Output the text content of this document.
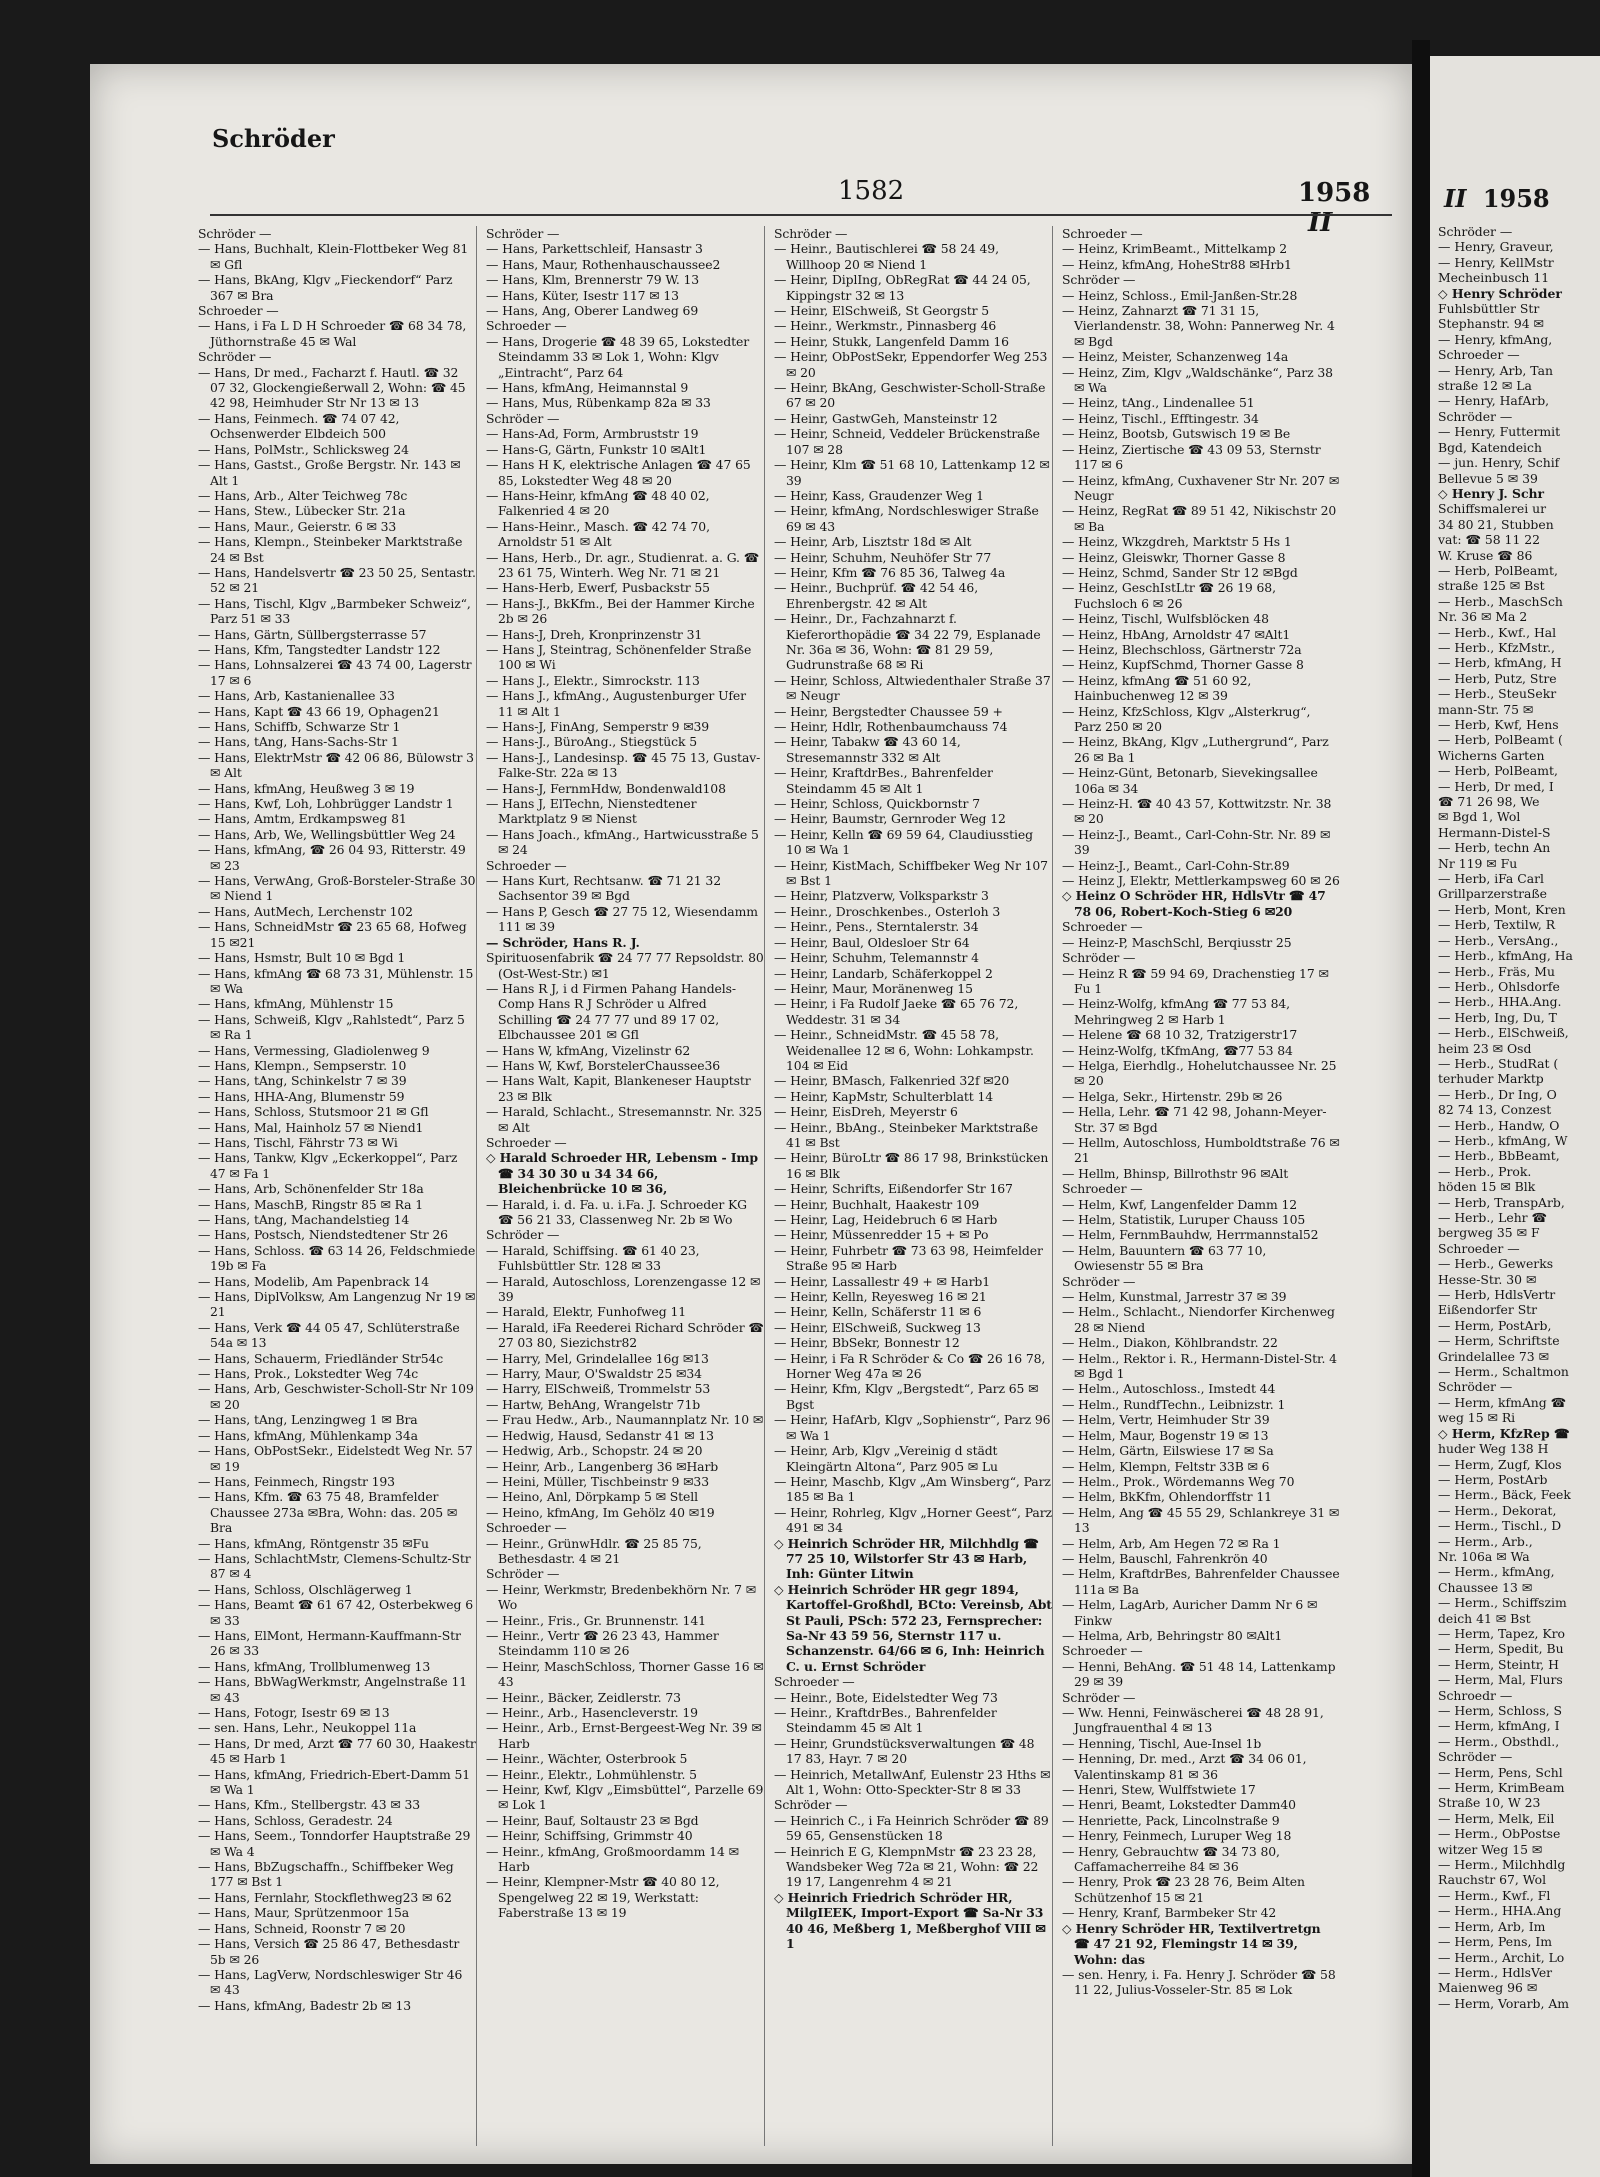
Schröder
1582	1958 II

Schröder —

— Hans, Buchhalt, Klein-Flottbeker Weg 81 ✉ Gfl

— Hans, BkAng, Klgv „Fieckendorf“ Parz 367 ✉ Bra

Schroeder —

— Hans, i Fa L D H Schroeder ☎ 68 34 78, Jüthornstraße 45 ✉ Wal

Schröder —

— Hans, Dr med., Facharzt f. Hautl. ☎ 32 07 32, Glockengießerwall 2, Wohn: ☎ 45 42 98, Heimhuder Str Nr 13 ✉ 13

— Hans, Feinmech. ☎ 74 07 42, Ochsenwerder Elbdeich 500

— Hans, PolMstr., Schlicksweg 24

— Hans, Gastst., Große Bergstr. Nr. 143 ✉ Alt 1

— Hans, Arb., Alter Teichweg 78c

— Hans, Stew., Lübecker Str. 21a

— Hans, Maur., Geierstr. 6 ✉ 33

— Hans, Klempn., Steinbeker Marktstraße 24 ✉ Bst

— Hans, Handelsvertr ☎ 23 50 25, Sentastr. 52 ✉ 21

— Hans, Tischl, Klgv „Barmbeker Schweiz“, Parz 51 ✉ 33

— Hans, Gärtn, Süllbergsterrasse 57

— Hans, Kfm, Tangstedter Landstr 122

— Hans, Lohnsalzerei ☎ 43 74 00, Lagerstr 17 ✉ 6

— Hans, Arb, Kastanienallee 33

— Hans, Kapt ☎ 43 66 19, Ophagen21

— Hans, Schiffb, Schwarze Str 1

— Hans, tAng, Hans-Sachs-Str 1

— Hans, ElektrMstr ☎ 42 06 86, Bülowstr 3 ✉ Alt

— Hans, kfmAng, Heußweg 3 ✉ 19

— Hans, Kwf, Loh, Lohbrügger Landstr 1

— Hans, Amtm, Erdkampsweg 81

— Hans, Arb, We, Wellingsbüttler Weg 24

— Hans, kfmAng, ☎ 26 04 93, Ritterstr. 49 ✉ 23

— Hans, VerwAng, Groß-Borsteler-Straße 30 ✉ Niend 1

— Hans, AutMech, Lerchenstr 102

— Hans, SchneidMstr ☎ 23 65 68, Hofweg 15 ✉21

— Hans, Hsmstr, Bult 10 ✉ Bgd 1

— Hans, kfmAng ☎ 68 73 31, Mühlenstr. 15 ✉ Wa

— Hans, kfmAng, Mühlenstr 15

— Hans, Schweiß, Klgv „Rahlstedt“, Parz 5 ✉ Ra 1

— Hans, Vermessing, Gladiolenweg 9

— Hans, Klempn., Sempserstr. 10

— Hans, tAng, Schinkelstr 7 ✉ 39

— Hans, HHA-Ang, Blumenstr 59

— Hans, Schloss, Stutsmoor 21 ✉ Gfl

— Hans, Mal, Hainholz 57 ✉ Niend1

— Hans, Tischl, Fährstr 73 ✉ Wi

— Hans, Tankw, Klgv „Eckerkoppel“, Parz 47 ✉ Fa 1

— Hans, Arb, Schönenfelder Str 18a

— Hans, MaschB, Ringstr 85 ✉ Ra 1

— Hans, tAng, Machandelstieg 14

— Hans, Postsch, Niendstedtener Str 26

— Hans, Schloss. ☎ 63 14 26, Feldschmiede 19b ✉ Fa

— Hans, Modelib, Am Papenbrack 14

— Hans, DiplVolksw, Am Langenzug Nr 19 ✉ 21

— Hans, Verk ☎ 44 05 47, Schlüterstraße 54a ✉ 13

— Hans, Schauerm, Friedländer Str54c

— Hans, Prok., Lokstedter Weg 74c

— Hans, Arb, Geschwister-Scholl-Str Nr 109 ✉ 20

— Hans, tAng, Lenzingweg 1 ✉ Bra

— Hans, kfmAng, Mühlenkamp 34a

— Hans, ObPostSekr., Eidelstedt Weg Nr. 57 ✉ 19

— Hans, Feinmech, Ringstr 193

— Hans, Kfm. ☎ 63 75 48, Bramfelder Chaussee 273a ✉Bra, Wohn: das. 205 ✉ Bra

— Hans, kfmAng, Röntgenstr 35 ✉Fu

— Hans, SchlachtMstr, Clemens-Schultz-Str 87 ✉ 4

— Hans, Schloss, Olschlägerweg 1

— Hans, Beamt ☎ 61 67 42, Osterbekweg 6 ✉ 33

— Hans, ElMont, Hermann-Kauffmann-Str 26 ✉ 33

— Hans, kfmAng, Trollblumenweg 13

— Hans, BbWagWerkmstr, Angelnstraße 11 ✉ 43

— Hans, Fotogr, Isestr 69 ✉ 13

— sen. Hans, Lehr., Neukoppel 11a

— Hans, Dr med, Arzt ☎ 77 60 30, Haakestr 45 ✉ Harb 1

— Hans, kfmAng, Friedrich-Ebert-Damm 51 ✉ Wa 1

— Hans, Kfm., Stellbergstr. 43 ✉ 33

— Hans, Schloss, Geradestr. 24

— Hans, Seem., Tonndorfer Hauptstraße 29 ✉ Wa 4

— Hans, BbZugschaffn., Schiffbeker Weg 177 ✉ Bst 1

— Hans, Fernlahr, Stockflethweg23 ✉ 62

— Hans, Maur, Sprützenmoor 15a

— Hans, Schneid, Roonstr 7 ✉ 20

— Hans, Versich ☎ 25 86 47, Bethesdastr 5b ✉ 26

— Hans, LagVerw, Nordschleswiger Str 46 ✉ 43

— Hans, kfmAng, Badestr 2b ✉ 13

Schröder —

— Hans, Parkettschleif, Hansastr 3

— Hans, Maur, Rothenhauschaussee2

— Hans, Klm, Brennerstr 79 W. 13

— Hans, Küter, Isestr 117 ✉ 13

— Hans, Ang, Oberer Landweg 69

Schroeder —

— Hans, Drogerie ☎ 48 39 65, Lokstedter Steindamm 33 ✉ Lok 1, Wohn: Klgv „Eintracht“, Parz 64

— Hans, kfmAng, Heimannstal 9

— Hans, Mus, Rübenkamp 82a ✉ 33

Schröder —

— Hans-Ad, Form, Armbruststr 19

— Hans-G, Gärtn, Funkstr 10 ✉Alt1

— Hans H K, elektrische Anlagen ☎ 47 65 85, Lokstedter Weg 48 ✉ 20

— Hans-Heinr, kfmAng ☎ 48 40 02, Falkenried 4 ✉ 20

— Hans-Heinr., Masch. ☎ 42 74 70, Arnoldstr 51 ✉ Alt

— Hans, Herb., Dr. agr., Studienrat. a. G. ☎ 23 61 75, Winterh. Weg Nr. 71 ✉ 21

— Hans-Herb, Ewerf, Pusbackstr 55

— Hans-J., BkKfm., Bei der Hammer Kirche 2b ✉ 26

— Hans-J, Dreh, Kronprinzenstr 31

— Hans J, Steintrag, Schönenfelder Straße 100 ✉ Wi

— Hans J., Elektr., Simrockstr. 113

— Hans J., kfmAng., Augustenburger Ufer 11 ✉ Alt 1

— Hans-J, FinAng, Semperstr 9 ✉39

— Hans-J., BüroAng., Stiegstück 5

— Hans-J., Landesinsp. ☎ 45 75 13, Gustav-Falke-Str. 22a ✉ 13

— Hans-J, FernmHdw, Bondenwald108

— Hans J, ElTechn, Nienstedtener Marktplatz 9 ✉ Nienst

— Hans Joach., kfmAng., Hartwicusstraße 5 ✉ 24

Schroeder —

— Hans Kurt, Rechtsanw. ☎ 71 21 32 Sachsentor 39 ✉ Bgd

— Hans P, Gesch ☎ 27 75 12, Wiesendamm 111 ✉ 39

— Schröder, Hans R. J.

Spirituosenfabrik ☎ 24 77 77 Repsoldstr. 80 (Ost-West-Str.) ✉1

— Hans R J, i d Firmen Pahang Handels-Comp Hans R J Schröder u Alfred Schilling ☎ 24 77 77 und 89 17 02, Elbchaussee 201 ✉ Gfl

— Hans W, kfmAng, Vizelinstr 62

— Hans W, Kwf, BorstelerChaussee36

— Hans Walt, Kapit, Blankeneser Hauptstr 23 ✉ Blk

— Harald, Schlacht., Stresemannstr. Nr. 325 ✉ Alt

Schroeder —

◇ Harald Schroeder HR, Lebensm - Imp ☎ 34 30 30 u 34 34 66, Bleichenbrücke 10 ✉ 36,

— Harald, i. d. Fa. u. i.Fa. J. Schroeder KG ☎ 56 21 33, Classenweg Nr. 2b ✉ Wo

Schröder —

— Harald, Schiffsing. ☎ 61 40 23, Fuhlsbüttler Str. 128 ✉ 33

— Harald, Autoschloss, Lorenzengasse 12 ✉ 39

— Harald, Elektr, Funhofweg 11

— Harald, iFa Reederei Richard Schröder ☎ 27 03 80, Siezichstr82

— Harry, Mel, Grindelallee 16g ✉13

— Harry, Maur, O'Swaldstr 25 ✉34

— Harry, ElSchweiß, Trommelstr 53

— Hartw, BehAng, Wrangelstr 71b

— Frau Hedw., Arb., Naumannplatz Nr. 10 ✉

— Hedwig, Hausd, Sedanstr 41 ✉ 13

— Hedwig, Arb., Schopstr. 24 ✉ 20

— Heinr, Arb., Langenberg 36 ✉Harb

— Heini, Müller, Tischbeinstr 9 ✉33

— Heino, Anl, Dörpkamp 5 ✉ Stell

— Heino, kfmAng, Im Gehölz 40 ✉19

Schroeder —

— Heinr., GrünwHdlr. ☎ 25 85 75, Bethesdastr. 4 ✉ 21

Schröder —

— Heinr, Werkmstr, Bredenbekhörn Nr. 7 ✉ Wo

— Heinr., Fris., Gr. Brunnenstr. 141

— Heinr., Vertr ☎ 26 23 43, Hammer Steindamm 110 ✉ 26

— Heinr, MaschSchloss, Thorner Gasse 16 ✉ 43

— Heinr., Bäcker, Zeidlerstr. 73

— Heinr., Arb., Hasencleverstr. 19

— Heinr., Arb., Ernst-Bergeest-Weg Nr. 39 ✉ Harb

— Heinr., Wächter, Osterbrook 5

— Heinr., Elektr., Lohmühlenstr. 5

— Heinr, Kwf, Klgv „Eimsbüttel“, Parzelle 69 ✉ Lok 1

— Heinr, Bauf, Soltaustr 23 ✉ Bgd

— Heinr, Schiffsing, Grimmstr 40

— Heinr., kfmAng, Großmoordamm 14 ✉ Harb

— Heinr, Klempner-Mstr ☎ 40 80 12, Spengelweg 22 ✉ 19, Werkstatt: Faberstraße 13 ✉ 19

Schröder —

— Heinr., Bautischlerei ☎ 58 24 49, Willhoop 20 ✉ Niend 1

— Heinr, DiplIng, ObRegRat ☎ 44 24 05, Kippingstr 32 ✉ 13

— Heinr, ElSchweiß, St Georgstr 5

— Heinr., Werkmstr., Pinnasberg 46

— Heinr, Stukk, Langenfeld Damm 16

— Heinr, ObPostSekr, Eppendorfer Weg 253 ✉ 20

— Heinr, BkAng, Geschwister-Scholl-Straße 67 ✉ 20

— Heinr, GastwGeh, Mansteinstr 12

— Heinr, Schneid, Veddeler Brückenstraße 107 ✉ 28

— Heinr, Klm ☎ 51 68 10, Lattenkamp 12 ✉ 39

— Heinr, Kass, Graudenzer Weg 1

— Heinr, kfmAng, Nordschleswiger Straße 69 ✉ 43

— Heinr, Arb, Lisztstr 18d ✉ Alt

— Heinr, Schuhm, Neuhöfer Str 77

— Heinr, Kfm ☎ 76 85 36, Talweg 4a

— Heinr., Buchprüf. ☎ 42 54 46, Ehrenbergstr. 42 ✉ Alt

— Heinr., Dr., Fachzahnarzt f. Kieferorthopädie ☎ 34 22 79, Esplanade Nr. 36a ✉ 36, Wohn: ☎ 81 29 59, Gudrunstraße 68 ✉ Ri

— Heinr, Schloss, Altwiedenthaler Straße 37 ✉ Neugr

— Heinr, Bergstedter Chaussee 59 +

— Heinr, Hdlr, Rothenbaumchauss 74

— Heinr, Tabakw ☎ 43 60 14, Stresemannstr 332 ✉ Alt

— Heinr, KraftdrBes., Bahrenfelder Steindamm 45 ✉ Alt 1

— Heinr, Schloss, Quickbornstr 7

— Heinr, Baumstr, Gernroder Weg 12

— Heinr, Kelln ☎ 69 59 64, Claudiusstieg 10 ✉ Wa 1

— Heinr, KistMach, Schiffbeker Weg Nr 107 ✉ Bst 1

— Heinr, Platzverw, Volksparkstr 3

— Heinr., Droschkenbes., Osterloh 3

— Heinr., Pens., Sterntalerstr. 34

— Heinr, Baul, Oldesloer Str 64

— Heinr, Schuhm, Telemannstr 4

— Heinr, Landarb, Schäferkoppel 2

— Heinr, Maur, Moränenweg 15

— Heinr, i Fa Rudolf Jaeke ☎ 65 76 72, Weddestr. 31 ✉ 34

— Heinr., SchneidMstr. ☎ 45 58 78, Weidenallee 12 ✉ 6, Wohn: Lohkampstr. 104 ✉ Eid

— Heinr, BMasch, Falkenried 32f ✉20

— Heinr, KapMstr, Schulterblatt 14

— Heinr, EisDreh, Meyerstr 6

— Heinr., BbAng., Steinbeker Marktstraße 41 ✉ Bst

— Heinr, BüroLtr ☎ 86 17 98, Brinkstücken 16 ✉ Blk

— Heinr, Schrifts, Eißendorfer Str 167

— Heinr, Buchhalt, Haakestr 109

— Heinr, Lag, Heidebruch 6 ✉ Harb

— Heinr, Müssenredder 15 + ✉ Po

— Heinr, Fuhrbetr ☎ 73 63 98, Heimfelder Straße 95 ✉ Harb

— Heinr, Lassallestr 49 + ✉ Harb1

— Heinr, Kelln, Reyesweg 16 ✉ 21

— Heinr, Kelln, Schäferstr 11 ✉ 6

— Heinr, ElSchweiß, Suckweg 13

— Heinr, BbSekr, Bonnestr 12

— Heinr, i Fa R Schröder & Co ☎ 26 16 78, Horner Weg 47a ✉ 26

— Heinr, Kfm, Klgv „Bergstedt“, Parz 65 ✉ Bgst

— Heinr, HafArb, Klgv „Sophienstr“, Parz 96 ✉ Wa 1

— Heinr, Arb, Klgv „Vereinig d städt Kleingärtn Altona“, Parz 905 ✉ Lu

— Heinr, Maschb, Klgv „Am Winsberg“, Parz 185 ✉ Ba 1

— Heinr, Rohrleg, Klgv „Horner Geest“, Parz 491 ✉ 34

◇ Heinrich Schröder HR, Milchhdlg ☎ 77 25 10, Wilstorfer Str 43 ✉ Harb, Inh: Günter Litwin

◇ Heinrich Schröder HR gegr 1894, Kartoffel-Großhdl, BCto: Vereinsb, Abt St Pauli, PSch: 572 23, Fernsprecher: Sa-Nr 43 59 56, Sternstr 117 u. Schanzenstr. 64/66 ✉ 6, Inh: Heinrich C. u. Ernst Schröder

Schroeder —

— Heinr., Bote, Eidelstedter Weg 73

— Heinr., KraftdrBes., Bahrenfelder Steindamm 45 ✉ Alt 1

— Heinr, Grundstücksverwaltungen ☎ 48 17 83, Hayr. 7 ✉ 20

— Heinrich, MetallwAnf, Eulenstr 23 Hths ✉ Alt 1, Wohn: Otto-Speckter-Str 8 ✉ 33

Schröder —

— Heinrich C., i Fa Heinrich Schröder ☎ 89 59 65, Gensenstücken 18

— Heinrich E G, KlempnMstr ☎ 23 23 28, Wandsbeker Weg 72a ✉ 21, Wohn: ☎ 22 19 17, Langenrehm 4 ✉ 21

◇ Heinrich Friedrich Schröder HR, MilgIEEK, Import-Export ☎ Sa-Nr 33 40 46, Meßberg 1, Meßberghof VIII ✉ 1

Schroeder —

— Heinz, KrimBeamt., Mittelkamp 2

— Heinz, kfmAng, HoheStr88 ✉Hrb1

Schröder —

— Heinz, Schloss., Emil-Janßen-Str.28

— Heinz, Zahnarzt ☎ 71 31 15, Vierlandenstr. 38, Wohn: Pannerweg Nr. 4 ✉ Bgd

— Heinz, Meister, Schanzenweg 14a

— Heinz, Zim, Klgv „Waldschänke“, Parz 38 ✉ Wa

— Heinz, tAng., Lindenallee 51

— Heinz, Tischl., Efftingestr. 34

— Heinz, Bootsb, Gutswisch 19 ✉ Be

— Heinz, Ziertische ☎ 43 09 53, Sternstr 117 ✉ 6

— Heinz, kfmAng, Cuxhavener Str Nr. 207 ✉ Neugr

— Heinz, RegRat ☎ 89 51 42, Nikischstr 20 ✉ Ba

— Heinz, Wkzgdreh, Marktstr 5 Hs 1

— Heinz, Gleiswkr, Thorner Gasse 8

— Heinz, Schmd, Sander Str 12 ✉Bgd

— Heinz, GeschIstLtr ☎ 26 19 68, Fuchsloch 6 ✉ 26

— Heinz, Tischl, Wulfsblöcken 48

— Heinz, HbAng, Arnoldstr 47 ✉Alt1

— Heinz, Blechschloss, Gärtnerstr 72a

— Heinz, KupfSchmd, Thorner Gasse 8

— Heinz, kfmAng ☎ 51 60 92, Hainbuchenweg 12 ✉ 39

— Heinz, KfzSchloss, Klgv „Alsterkrug“, Parz 250 ✉ 20

— Heinz, BkAng, Klgv „Luthergrund“, Parz 26 ✉ Ba 1

— Heinz-Günt, Betonarb, Sievekingsallee 106a ✉ 34

— Heinz-H. ☎ 40 43 57, Kottwitzstr. Nr. 38 ✉ 20

— Heinz-J., Beamt., Carl-Cohn-Str. Nr. 89 ✉ 39

— Heinz-J., Beamt., Carl-Cohn-Str.89

— Heinz J, Elektr, Mettlerkampsweg 60 ✉ 26

◇ Heinz O Schröder HR, HdlsVtr ☎ 47 78 06, Robert-Koch-Stieg 6 ✉20

Schroeder —

— Heinz-P, MaschSchl, Berqiusstr 25

Schröder —

— Heinz R ☎ 59 94 69, Drachenstieg 17 ✉ Fu 1

— Heinz-Wolfg, kfmAng ☎ 77 53 84, Mehringweg 2 ✉ Harb 1

— Helene ☎ 68 10 32, Tratzigerstr17

— Heinz-Wolfg, tKfmAng, ☎77 53 84

— Helga, Eierhdlg., Hohelutchaussee Nr. 25 ✉ 20

— Helga, Sekr., Hirtenstr. 29b ✉ 26

— Hella, Lehr. ☎ 71 42 98, Johann-Meyer-Str. 37 ✉ Bgd

— Hellm, Autoschloss, Humboldtstraße 76 ✉ 21

— Hellm, Bhinsp, Billrothstr 96 ✉Alt

Schroeder —

— Helm, Kwf, Langenfelder Damm 12

— Helm, Statistik, Luruper Chauss 105

— Helm, FernmBauhdw, Herrmannstal52

— Helm, Bauuntern ☎ 63 77 10, Owiesenstr 55 ✉ Bra

Schröder —

— Helm, Kunstmal, Jarrestr 37 ✉ 39

— Helm., Schlacht., Niendorfer Kirchenweg 28 ✉ Niend

— Helm., Diakon, Köhlbrandstr. 22

— Helm., Rektor i. R., Hermann-Distel-Str. 4 ✉ Bgd 1

— Helm., Autoschloss., Imstedt 44

— Helm., RundfTechn., Leibnizstr. 1

— Helm, Vertr, Heimhuder Str 39

— Helm, Maur, Bogenstr 19 ✉ 13

— Helm, Gärtn, Eilswiese 17 ✉ Sa

— Helm, Klempn, Feltstr 33B ✉ 6

— Helm., Prok., Wördemanns Weg 70

— Helm, BkKfm, Ohlendorffstr 11

— Helm, Ang ☎ 45 55 29, Schlankreye 31 ✉ 13

— Helm, Arb, Am Hegen 72 ✉ Ra 1

— Helm, Bauschl, Fahrenkrön 40

— Helm, KraftdrBes, Bahrenfelder Chaussee 111a ✉ Ba

— Helm, LagArb, Auricher Damm Nr 6 ✉ Finkw

— Helma, Arb, Behringstr 80 ✉Alt1

Schroeder —

— Henni, BehAng. ☎ 51 48 14, Lattenkamp 29 ✉ 39

Schröder —

— Ww. Henni, Feinwäscherei ☎ 48 28 91, Jungfrauenthal 4 ✉ 13

— Henning, Tischl, Aue-Insel 1b

— Henning, Dr. med., Arzt ☎ 34 06 01, Valentinskamp 81 ✉ 36

— Henri, Stew, Wulffstwiete 17

— Henri, Beamt, Lokstedter Damm40

— Henriette, Pack, Lincolnstraße 9

— Henry, Feinmech, Luruper Weg 18

— Henry, Gebrauchtw ☎ 34 73 80, Caffamacherreihe 84 ✉ 36

— Henry, Prok ☎ 23 28 76, Beim Alten Schützenhof 15 ✉ 21

— Henry, Kranf, Barmbeker Str 42

◇ Henry Schröder HR, Textilvertretgn ☎ 47 21 92, Flemingstr 14 ✉ 39, Wohn: das

— sen. Henry, i. Fa. Henry J. Schröder ☎ 58 11 22, Julius-Vosseler-Str. 85 ✉ Lok

II 1958

Schröder —

— Henry, Graveur,

— Henry, KellMstr

Mecheinbusch 11

◇ Henry Schröder

Fuhlsbüttler Str

Stephanstr. 94 ✉

— Henry, kfmAng,

Schroeder —

— Henry, Arb, Tan

straße 12 ✉ La

— Henry, HafArb,

Schröder —

— Henry, Futtermit

Bgd, Katendeich

— jun. Henry, Schif

Bellevue 5 ✉ 39

◇ Henry J. Schr

Schiffsmalerei ur

34 80 21, Stubben

vat: ☎ 58 11 22

W. Kruse ☎ 86

— Herb, PolBeamt,

straße 125 ✉ Bst

— Herb., MaschSch

Nr. 36 ✉ Ma 2

— Herb., Kwf., Hal

— Herb., KfzMstr.,

— Herb, kfmAng, H

— Herb, Putz, Stre

— Herb., SteuSekr

mann-Str. 75 ✉

— Herb, Kwf, Hens

— Herb, PolBeamt (

Wicherns Garten

— Herb, PolBeamt,

— Herb, Dr med, I

☎ 71 26 98, We

✉ Bgd 1, Wol

Hermann-Distel-S

— Herb, techn An

Nr 119 ✉ Fu

— Herb, iFa Carl

Grillparzerstraße

— Herb, Mont, Kren

— Herb, Textilw, R

— Herb., VersAng.,

— Herb., kfmAng, Ha

— Herb., Fräs, Mu

— Herb., Ohlsdorfe

— Herb., HHA.Ang.

— Herb, Ing, Du, T

— Herb., ElSchweiß,

heim 23 ✉ Osd

— Herb., StudRat (

terhuder Marktp

— Herb., Dr Ing, O

82 74 13, Conzest

— Herb., Handw, O

— Herb., kfmAng, W

— Herb., BbBeamt,

— Herb., Prok.

höden 15 ✉ Blk

— Herb, TranspArb,

— Herb., Lehr ☎

bergweg 35 ✉ F

Schroeder —

— Herb., Gewerks

Hesse-Str. 30 ✉

— Herb, HdlsVertr

Eißendorfer Str

— Herm, PostArb,

— Herm, Schriftste

Grindelallee 73 ✉

— Herm., Schaltmon

Schröder —

— Herm, kfmAng ☎

weg 15 ✉ Ri

◇ Herm, KfzRep ☎

huder Weg 138 H

— Herm, Zugf, Klos

— Herm, PostArb

— Herm., Bäck, Feek

— Herm., Dekorat,

— Herm., Tischl., D

— Herm., Arb.,

Nr. 106a ✉ Wa

— Herm., kfmAng,

Chaussee 13 ✉

— Herm., Schiffszim

deich 41 ✉ Bst

— Herm, Tapez, Kro

— Herm, Spedit, Bu

— Herm, Steintr, H

— Herm, Mal, Flurs

Schroedr —

— Herm, Schloss, S

— Herm, kfmAng, I

— Herm., Obsthdl.,

Schröder —

— Herm, Pens, Schl

— Herm, KrimBeam

Straße 10, W 23

— Herm, Melk, Eil

— Herm., ObPostse

witzer Weg 15 ✉

— Herm., Milchhdlg

Rauchstr 67, Wol

— Herm., Kwf., Fl

— Herm., HHA.Ang

— Herm, Arb, Im

— Herm, Pens, Im

— Herm., Archit, Lo

— Herm., HdlsVer

Maienweg 96 ✉

— Herm, Vorarb, Am
